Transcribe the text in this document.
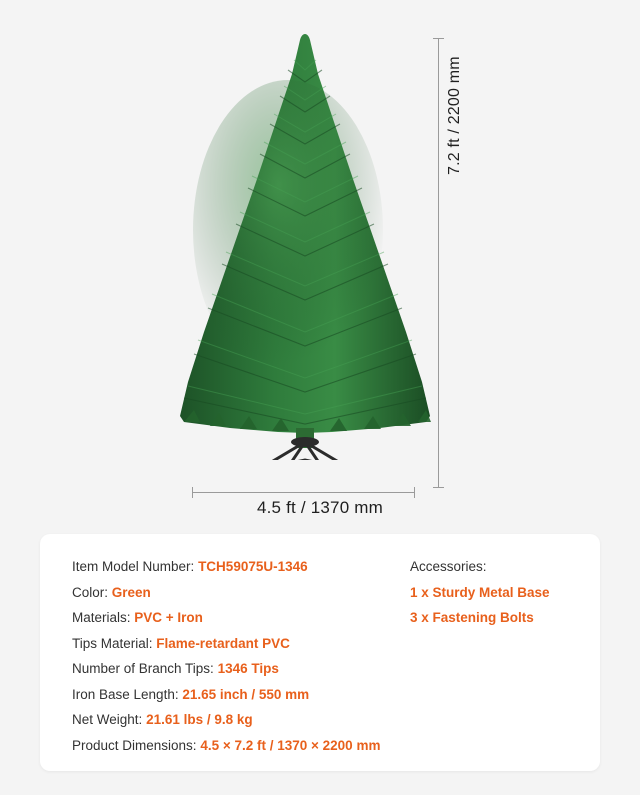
7.2 ft / 2200 mm
4.5 ft / 1370 mm
Item Model Number: TCH59075U-1346
Color: Green
Materials: PVC + Iron
Tips Material: Flame-retardant PVC
Number of Branch Tips: 1346 Tips
Iron Base Length: 21.65 inch / 550 mm
Net Weight: 21.61 lbs / 9.8 kg
Product Dimensions: 4.5 × 7.2 ft / 1370 × 2200 mm
Accessories:
1 x Sturdy Metal Base
3 x Fastening Bolts
